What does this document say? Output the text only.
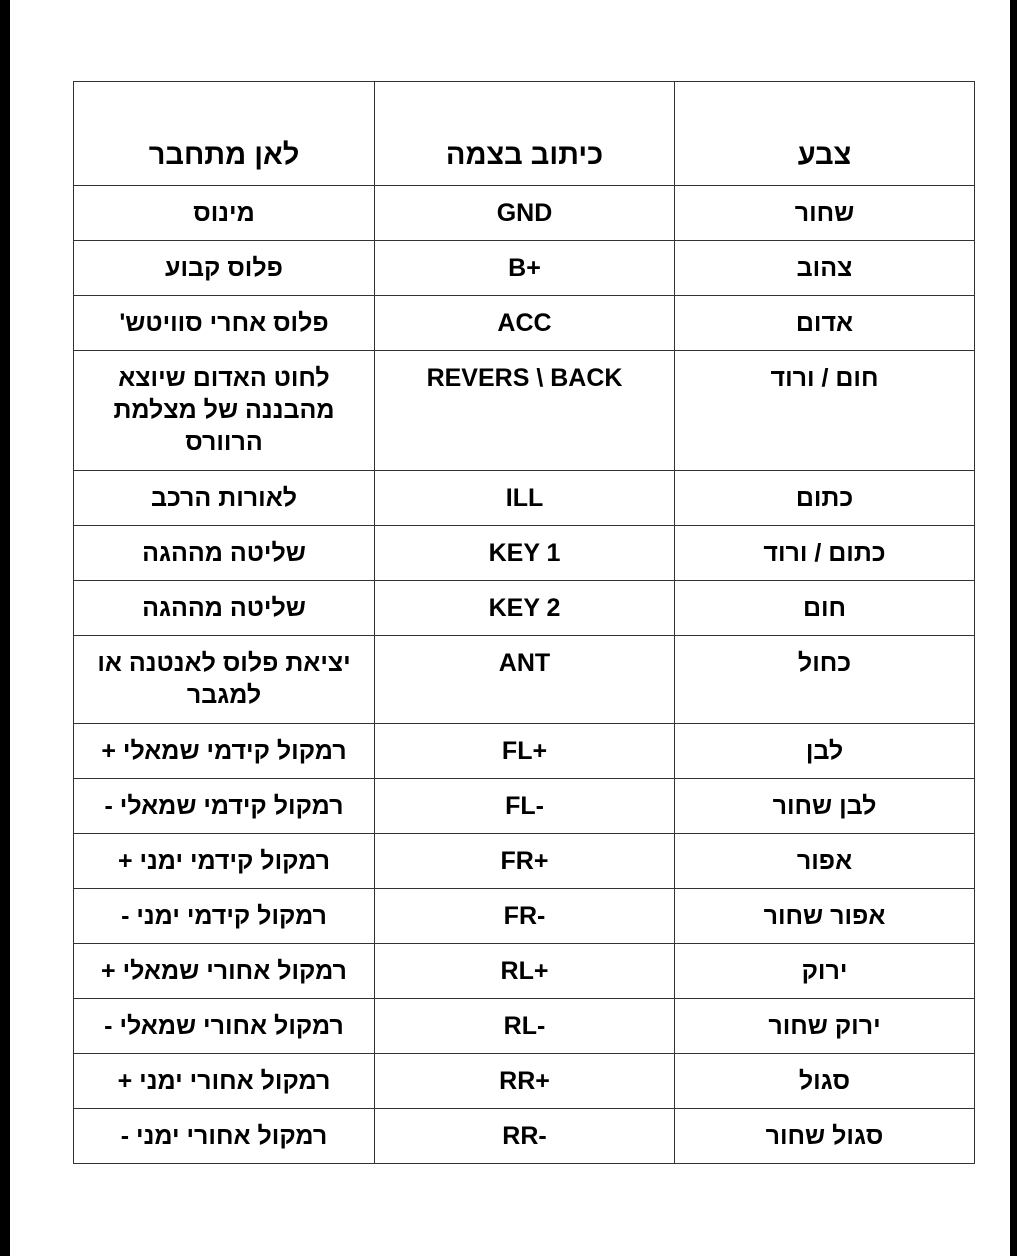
צבע	כיתוב בצמה	לאן מתחבר
שחור	GND	מינוס
צהוב	B+	פלוס קבוע
אדום	ACC	פלוס אחרי סוויטש'
חום / ורוד	REVERS \ BACK	לחוט האדום שיוצא מהבננה של מצלמת הרוורס
כתום	ILL	לאורות הרכב
כתום / ורוד	KEY 1	שליטה מההגה
חום	KEY 2	שליטה מההגה
כחול	ANT	יציאת פלוס לאנטנה או למגבר
לבן	FL+	רמקול קידמי שמאלי +
לבן שחור	FL-	רמקול קידמי שמאלי -
אפור	FR+	רמקול קידמי ימני +
אפור שחור	FR-	רמקול קידמי ימני -
ירוק	RL+	רמקול אחורי שמאלי +
ירוק שחור	RL-	רמקול אחורי שמאלי -
סגול	RR+	רמקול אחורי ימני +
סגול שחור	RR-	רמקול אחורי ימני -
